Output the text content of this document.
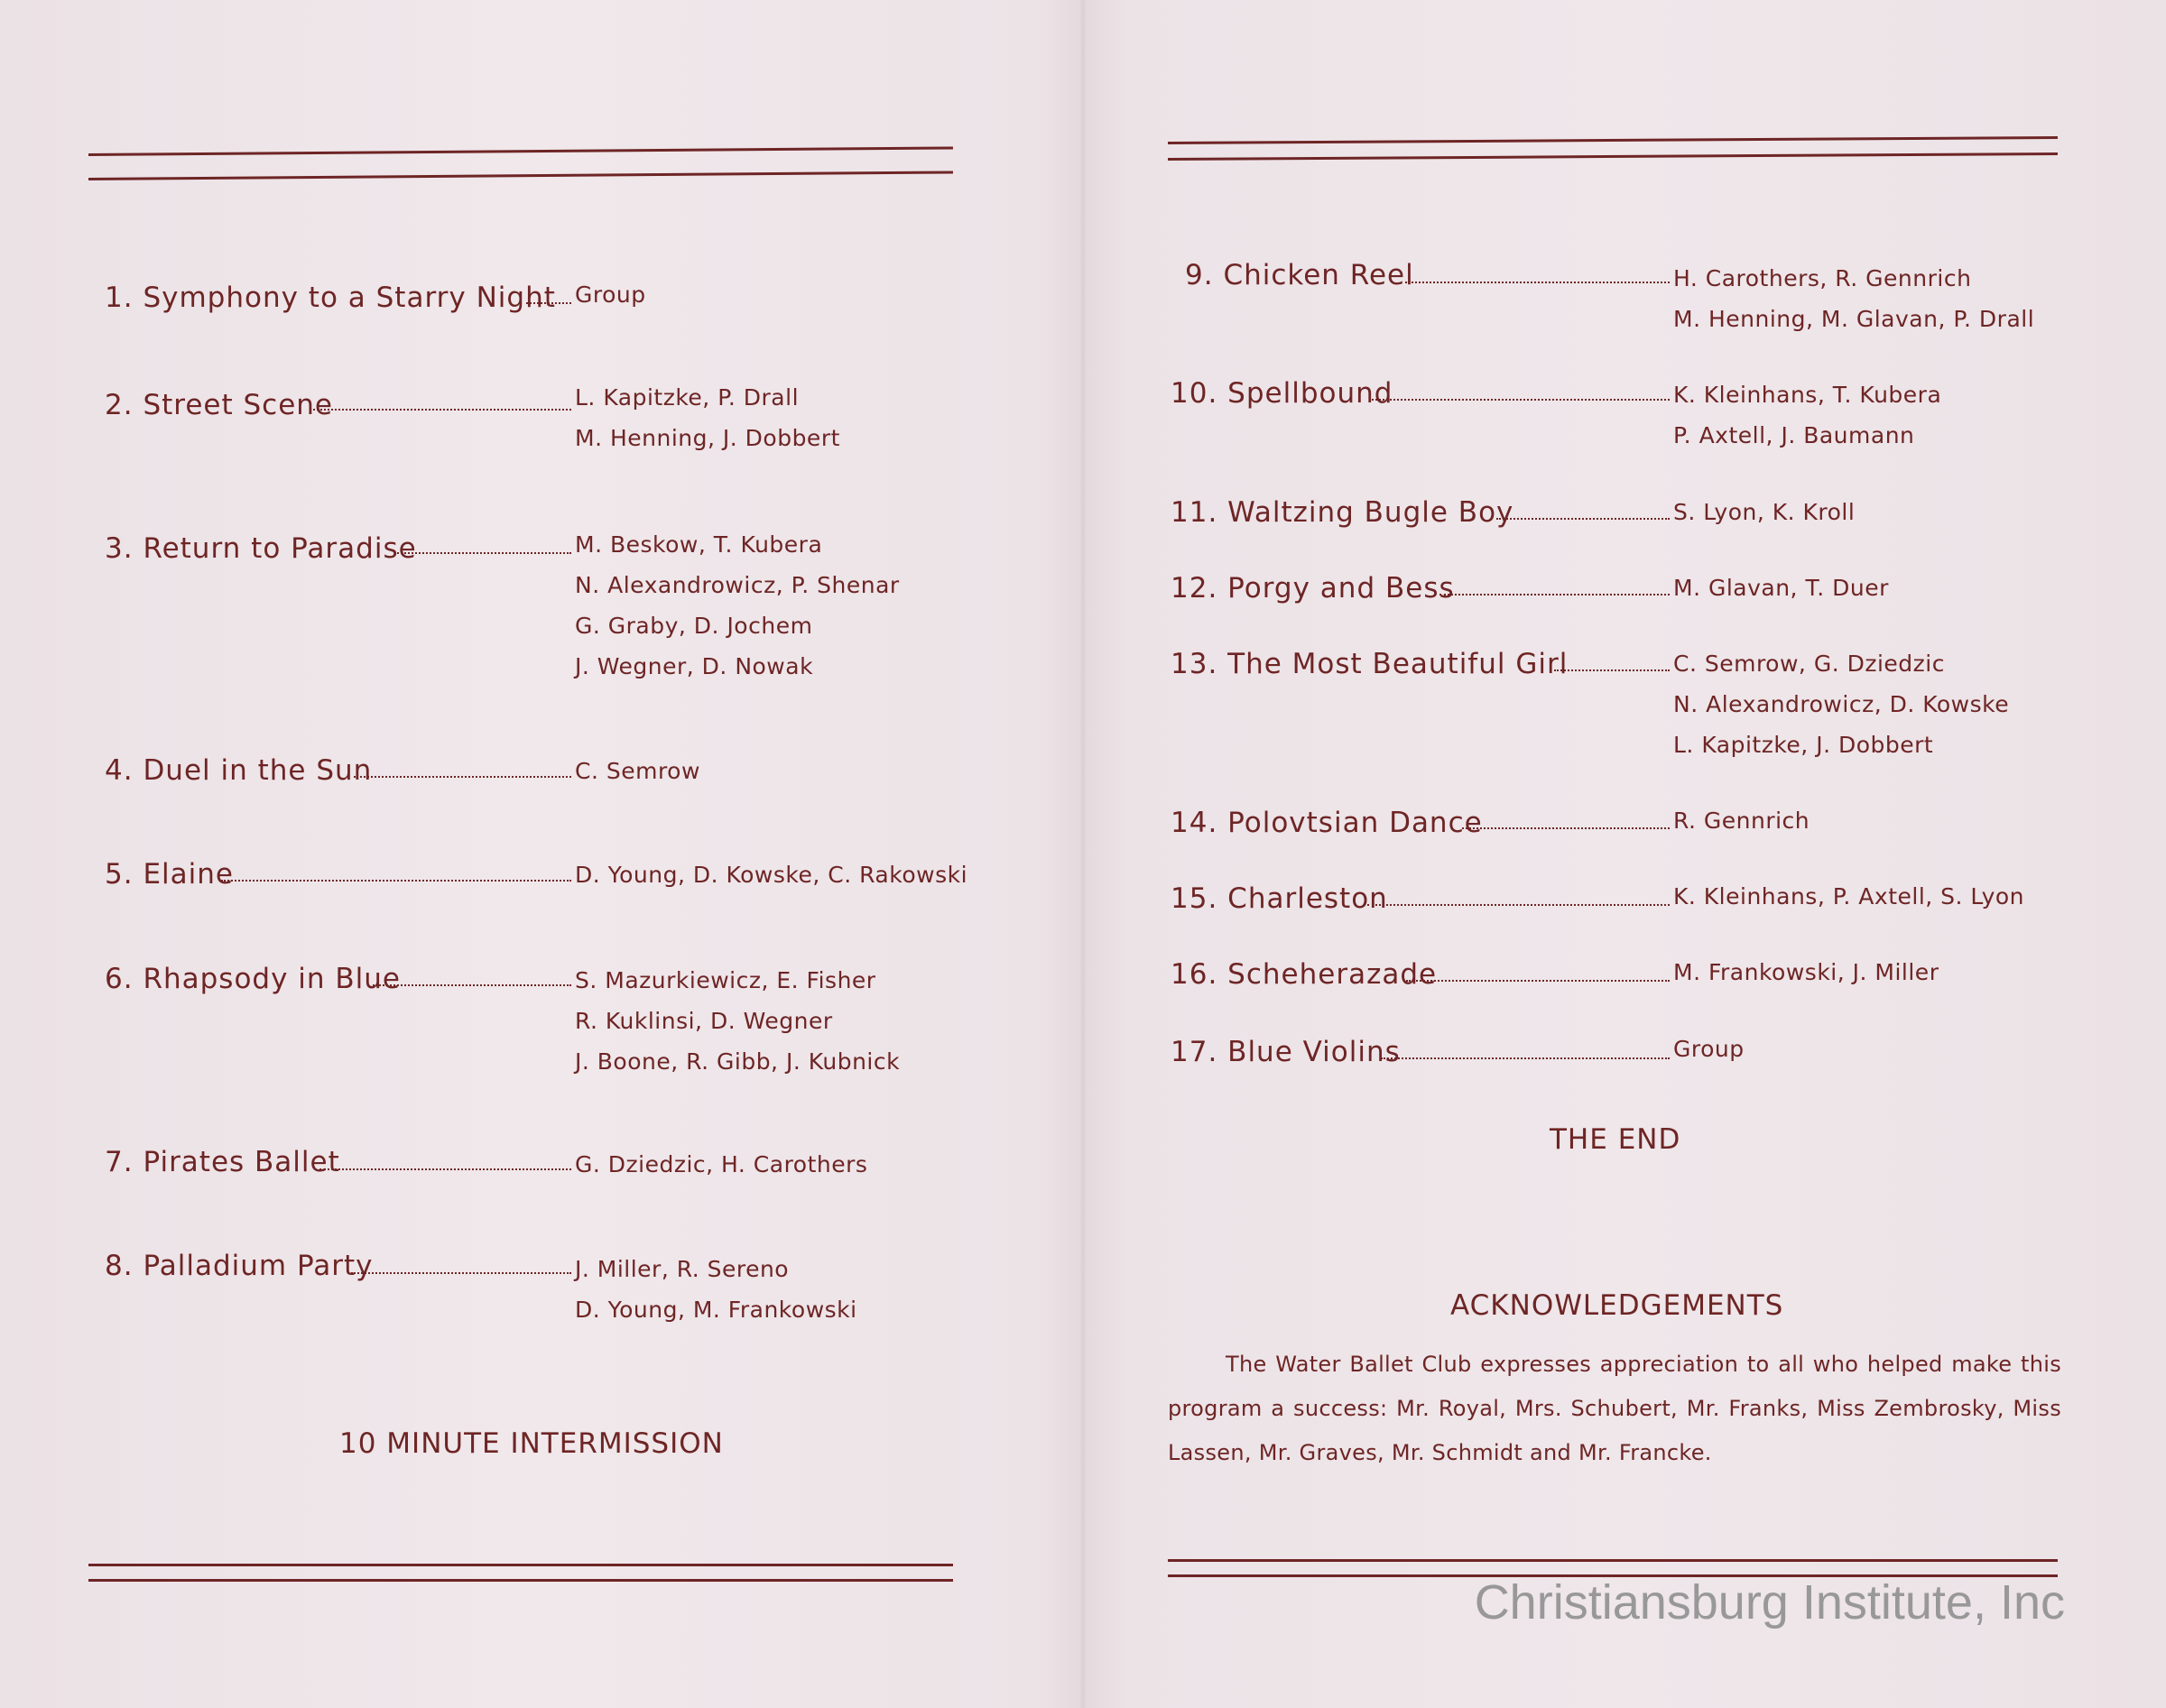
1. Symphony to a Starry Night Group
2. Street Scene	L. Kapitzke, P. Drall
M. Henning, J. Dobbert
3. Return to Paradise	M. Beskow, T. Kubera
N. Alexandrowicz, P. Shenar
G. Graby, D. Jochem
J. Wegner, D. Nowak
4. Duel in the Sun	C. Semrow
5. Elaine	D. Young, D. Kowske, C. Rakowski
6. Rhapsody in Blue	S. Mazurkiewicz, E. Fisher
R. Kuklinsi, D. Wegner
J. Boone, R. Gibb, J. Kubnick
7. Pirates Ballet	G. Dziedzic, H. Carothers
8. Palladium Party	J. Miller, R. Sereno
D. Young, M. Frankowski
10 MINUTE INTERMISSION
9. Chicken Reel	H. Carothers, R. Gennrich
M. Henning, M. Glavan, P. Drall
10. Spellbound	K. Kleinhans, T. Kubera
P. Axtell, J. Baumann
11. Waltzing Bugle Boy	S. Lyon, K. Kroll
12. Porgy and Bess	M. Glavan, T. Duer
13. The Most Beautiful Girl	C. Semrow, G. Dziedzic
N. Alexandrowicz, D. Kowske
L. Kapitzke, J. Dobbert
14. Polovtsian Dance	R. Gennrich
15. Charleston	K. Kleinhans, P. Axtell, S. Lyon
16. Scheherazade	M. Frankowski, J. Miller
17. Blue Violins	Group
THE END
ACKNOWLEDGEMENTS
The Water Ballet Club expresses appreciation to all who helped make this program a success: Mr. Royal, Mrs. Schubert, Mr. Franks, Miss Zembrosky, Miss Lassen, Mr. Graves, Mr. Schmidt and Mr. Francke.
Christiansburg Institute, Inc
